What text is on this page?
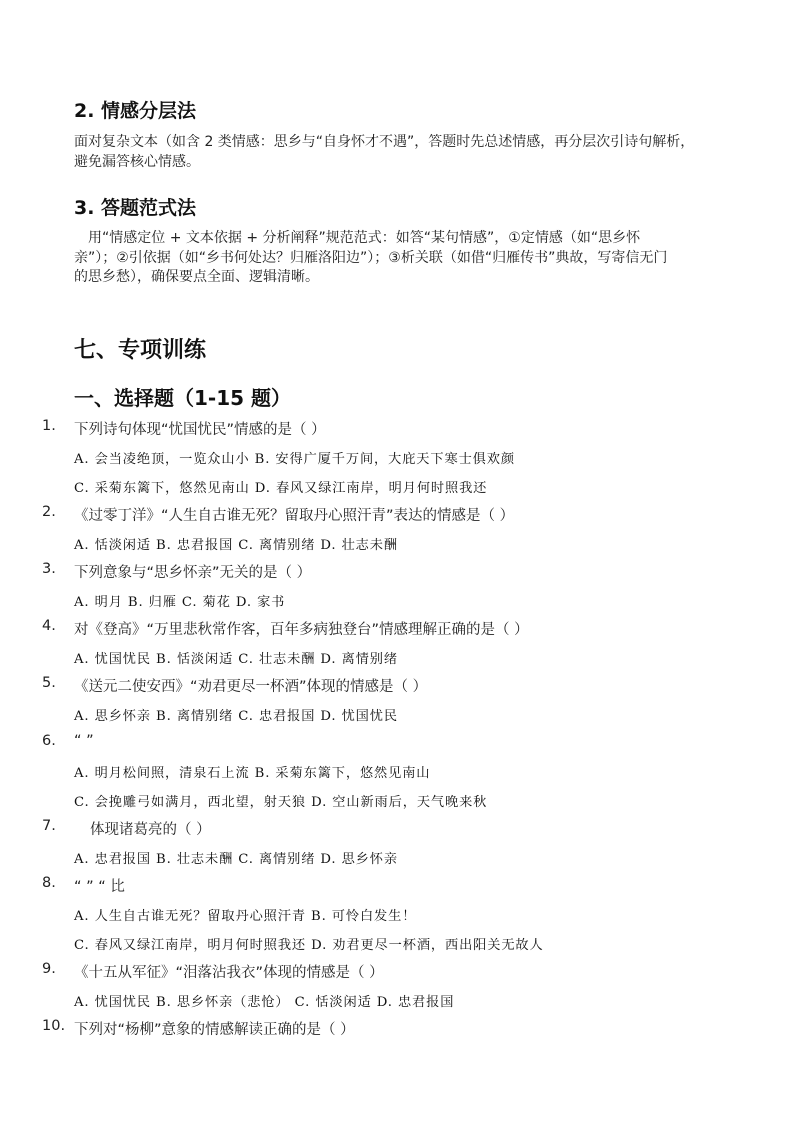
2. 情感分层法
面对复杂文本（如含 2 类情感：思乡与“自身怀才不遇”，答题时先总述情感，再分层次引诗句解析，
避免漏答核心情感。
3. 答题范式法
用“情感定位 + 文本依据 + 分析阐释”规范范式：如答“某句情感”，①定情感（如“思乡怀
亲”）；②引依据（如“乡书何处达？归雁洛阳边”）；③析关联（如借“归雁传书”典故，写寄信无门
的思乡愁），确保要点全面、逻辑清晰。
七、专项训练
一、选择题（1-15 题）
1. 下列诗句体现“忧国忧民”情感的是（ ）
A. 会当凌绝顶，一览众山小 B. 安得广厦千万间，大庇天下寒士俱欢颜
C. 采菊东篱下，悠然见南山 D. 春风又绿江南岸，明月何时照我还
2. 《过零丁洋》“人生自古谁无死？留取丹心照汗青”表达的情感是（ ）
A. 恬淡闲适 B. 忠君报国 C. 离情别绪 D. 壮志未酬
3. 下列意象与“思乡怀亲”无关的是（ ）
A. 明月 B. 归雁 C. 菊花 D. 家书
4. 对《登高》“万里悲秋常作客，百年多病独登台”情感理解正确的是（ ）
A. 忧国忧民 B. 恬淡闲适 C. 壮志未酬 D. 离情别绪
5. 《送元二使安西》“劝君更尽一杯酒”体现的情感是（ ）
A. 思乡怀亲 B. 离情别绪 C. 忠君报国 D. 忧国忧民
6. “ ”
A. 明月松间照，清泉石上流 B. 采菊东篱下，悠然见南山
C. 会挽雕弓如满月，西北望，射天狼 D. 空山新雨后，天气晚来秋
7. 体现诸葛亮的（ ）
A. 忠君报国 B. 壮志未酬 C. 离情别绪 D. 思乡怀亲
8. “ ” “ 比
A. 人生自古谁无死？留取丹心照汗青 B. 可怜白发生！
C. 春风又绿江南岸，明月何时照我还 D. 劝君更尽一杯酒，西出阳关无故人
9. 《十五从军征》“泪落沾我衣”体现的情感是（ ）
A. 忧国忧民 B. 思乡怀亲（悲怆） C. 恬淡闲适 D. 忠君报国
10. 下列对“杨柳”意象的情感解读正确的是（ ）
